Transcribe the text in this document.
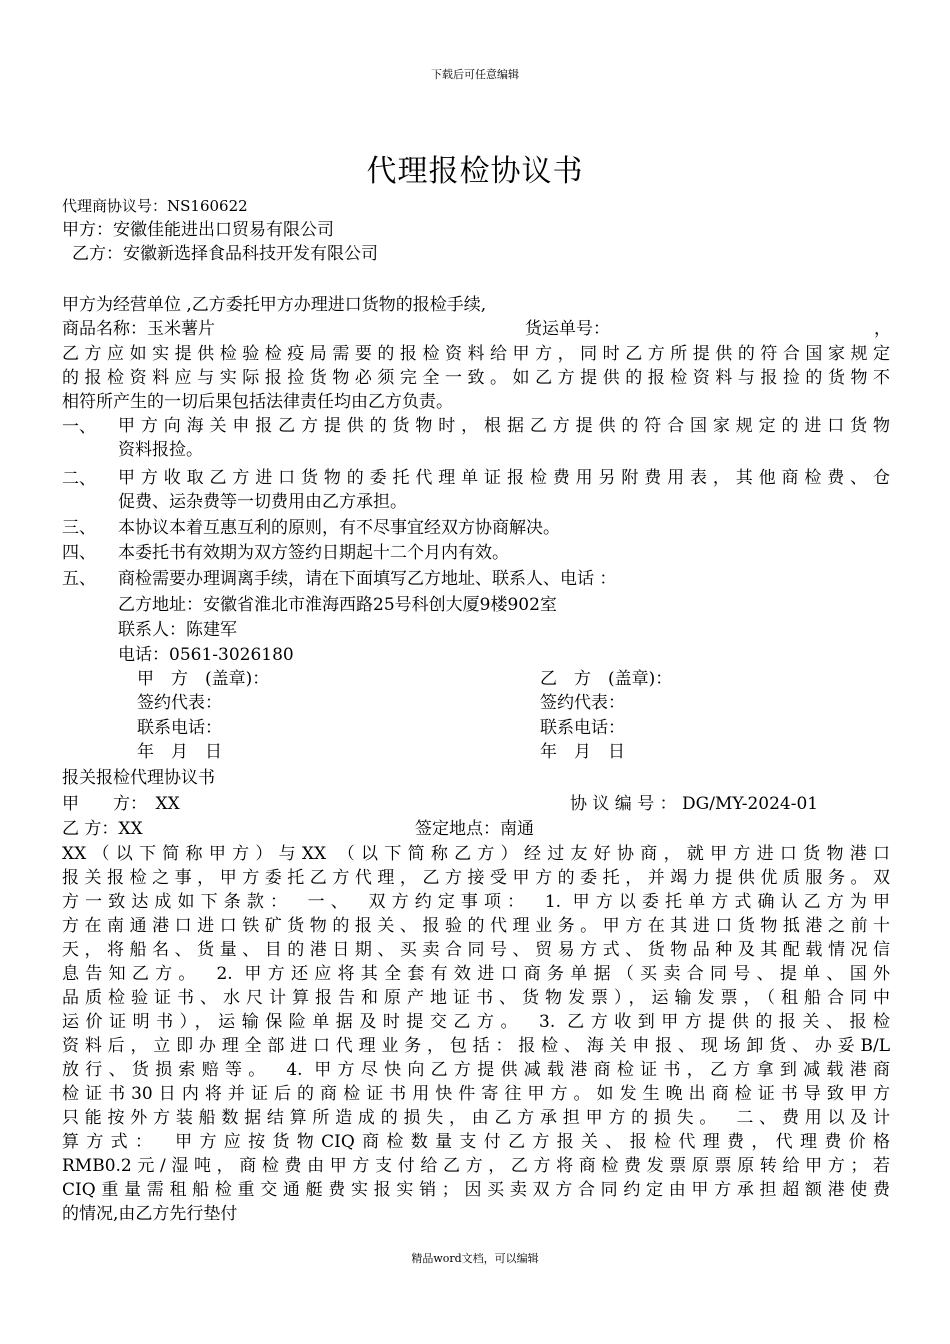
下载后可任意编辑
代理报检协议书
代理商协议号：NS160622
甲方：安徽佳能进出口贸易有限公司
乙方：安徽新选择食品科技开发有限公司
甲方为经营单位 ,乙方委托甲方办理进口货物的报检手续,
商品名称：玉米薯片	货运单号：	，
乙方应如实提供检验检疫局需要的报检资料给甲方，同时乙方所提供的符合国家规定
的报检资料应与实际报捡货物必须完全一致。如乙方提供的报检资料与报捡的货物不
相符所产生的一切后果包括法律责任均由乙方负责。
一、 甲方向海关申报乙方提供的货物时，根据乙方提供的符合国家规定的进口货物
资料报捡。
二、 甲方收取乙方进口货物的委托代理单证报检费用另附费用表，其他商检费、仓
促费、运杂费等一切费用由乙方承担。
三、 本协议本着互惠互利的原则，有不尽事宜经双方协商解决。
四、 本委托书有效期为双方签约日期起十二个月内有效。
五、 商检需要办理调离手续，请在下面填写乙方地址、联系人、电话 ：
乙方地址：安徽省淮北市淮海西路25号科创大厦9楼902室
联系人：陈建军
电话：0561-3026180
甲　方　(盖章)：	乙　方　(盖章)：
签约代表：	签约代表：
联系电话：	联系电话：
年　月　日	年　月　日
报关报检代理协议书
甲　　方：　XX	协 议 编 号 ： DG/MY-2024-01
乙 方：XX	签定地点：南通
XX（以下简称甲方）与XX （以下简称乙方）经过友好协商，就甲方进口货物港口
报关报检之事，甲方委托乙方代理，乙方接受甲方的委托，并竭力提供优质服务。双
方一致达成如下条款：　一、　双方约定事项：　1. 甲方以委托单方式确认乙方为甲
方在南通港口进口铁矿货物的报关、报验的代理业务。甲方在其进口货物抵港之前十
天，将船名、货量、目的港日期、买卖合同号、贸易方式、货物品种及其配载情况信
息告知乙方。　2. 甲方还应将其全套有效进口商务单据（买卖合同号、提单、国外
品质检验证书、水尺计算报告和原产地证书、货物发票），运输发票，（租船合同中
运价证明书），运输保险单据及时提交乙方。　3. 乙方收到甲方提供的报关、报检
资料后，立即办理全部进口代理业务，包括：报检、海关申报、现场卸货、办妥B/L
放行、货损索赔等。　4. 甲方尽快向乙方提供减载港商检证书，乙方拿到减载港商
检证书30日内将并证后的商检证书用快件寄往甲方。如发生晚出商检证书导致甲方
只能按外方装船数据结算所造成的损失，由乙方承担甲方的损失。　二、费用以及计
算方式：　甲方应按货物CIQ商检数量支付乙方报关、报检代理费，代理费价格
RMB0.2元/湿吨，商检费由甲方支付给乙方，乙方将商检费发票原票原转给甲方；若
CIQ重量需租船检重交通艇费实报实销；因买卖双方合同约定由甲方承担超额港使费
的情况,由乙方先行垫付
精品word文档，可以编辑
